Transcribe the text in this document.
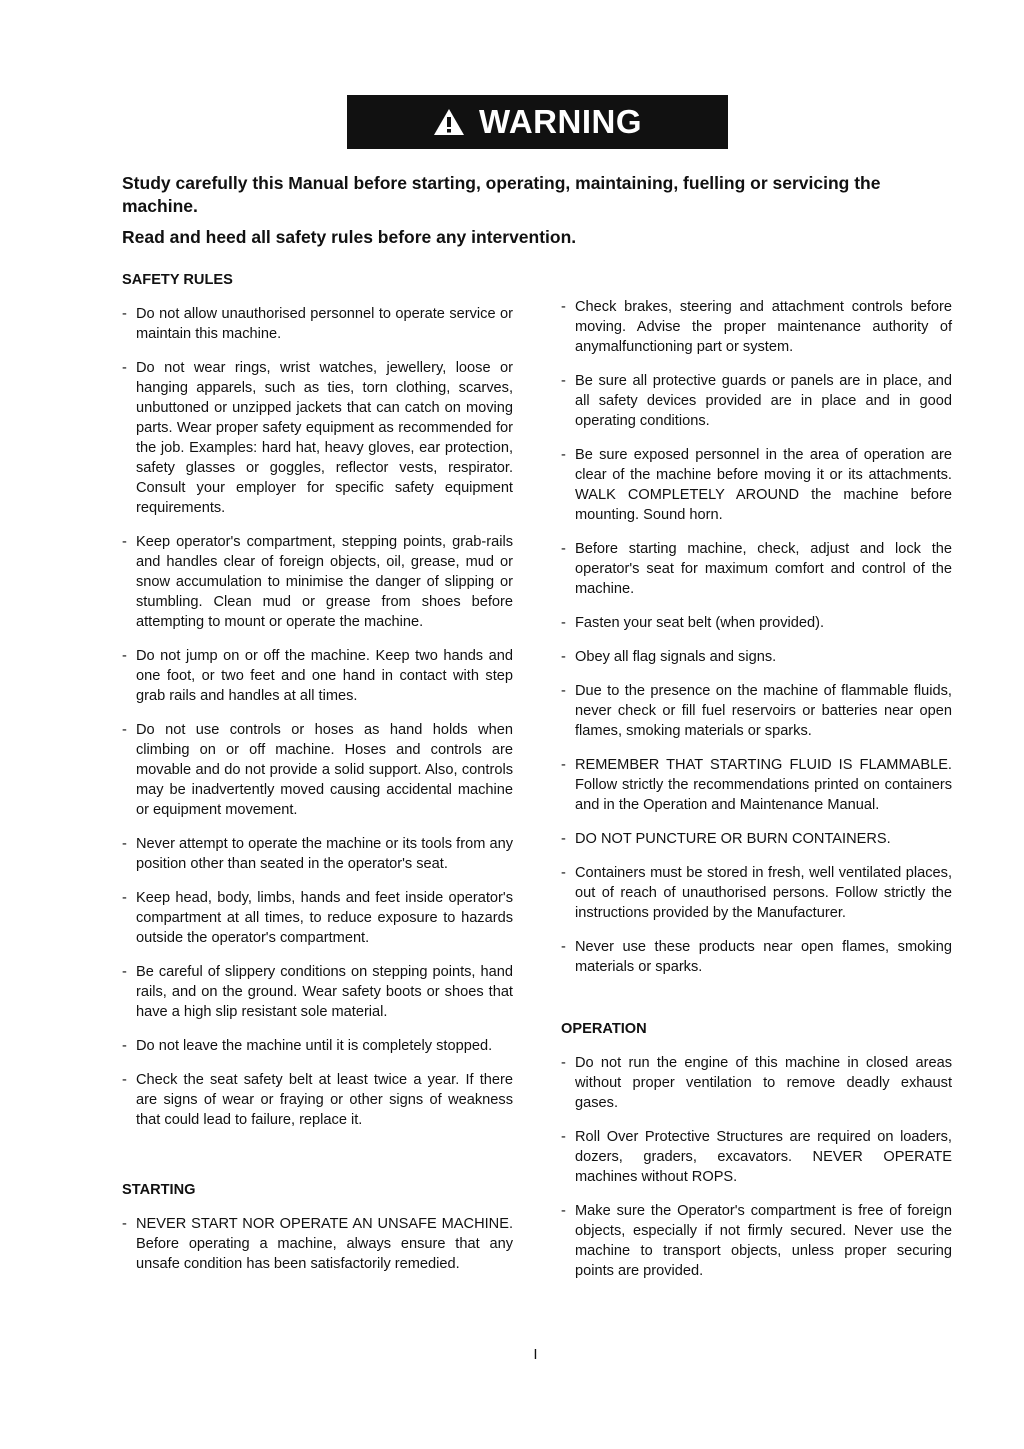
WARNING

Study carefully this Manual before starting, operating, maintaining, fuelling or servicing the machine.

Read and heed all safety rules before any intervention.

SAFETY RULES
- Do not allow unauthorised personnel to operate service or maintain this machine.
- Do not wear rings, wrist watches, jewellery, loose or hanging apparels, such as ties, torn clothing, scarves, unbuttoned or unzipped jackets that can catch on moving parts. Wear proper safety equipment as recommended for the job. Examples: hard hat, heavy gloves, ear protection, safety glasses or goggles, reflector vests, respirator. Consult your employer for specific safety equipment requirements.
- Keep operator's compartment, stepping points, grab-rails and handles clear of foreign objects, oil, grease, mud or snow accumulation to minimise the danger of slipping or stumbling. Clean mud or grease from shoes before attempting to mount or operate the machine.
- Do not jump on or off the machine. Keep two hands and one foot, or two feet and one hand in contact with step grab rails and handles at all times.
- Do not use controls or hoses as hand holds when climbing on or off machine. Hoses and controls are movable and do not provide a solid support. Also, controls may be inadvertently moved causing accidental machine or equipment movement.
- Never attempt to operate the machine or its tools from any position other than seated in the operator's seat.
- Keep head, body, limbs, hands and feet inside operator's compartment at all times, to reduce exposure to hazards outside the operator's compartment.
- Be careful of slippery conditions on stepping points, hand rails, and on the ground. Wear safety boots or shoes that have a high slip resistant sole material.
- Do not leave the machine until it is completely stopped.
- Check the seat safety belt at least twice a year. If there are signs of wear or fraying or other signs of weakness that could lead to failure, replace it.
STARTING
- NEVER START NOR OPERATE AN UNSAFE MACHINE. Before operating a machine, always ensure that any unsafe condition has been satisfactorily remedied.
- Check brakes, steering and attachment controls before moving. Advise the proper maintenance authority of anymalfunctioning part or system.
- Be sure all protective guards or panels are in place, and all safety devices provided are in place and in good operating conditions.
- Be sure exposed personnel in the area of operation are clear of the machine before moving it or its attachments. WALK COMPLETELY AROUND the machine before mounting. Sound horn.
- Before starting machine, check, adjust and lock the operator's seat for maximum comfort and control of the machine.
- Fasten your seat belt (when provided).
- Obey all flag signals and signs.
- Due to the presence on the machine of flammable fluids, never check or fill fuel reservoirs or batteries near open flames, smoking materials or sparks.
- REMEMBER THAT STARTING FLUID IS FLAMMABLE. Follow strictly the recommendations printed on containers and in the Operation and Maintenance Manual.
- DO NOT PUNCTURE OR BURN CONTAINERS.
- Containers must be stored in fresh, well ventilated places, out of reach of unauthorised persons. Follow strictly the instructions provided by the Manufacturer.
- Never use these products near open flames, smoking materials or sparks.
OPERATION
- Do not run the engine of this machine in closed areas without proper ventilation to remove deadly exhaust gases.
- Roll Over Protective Structures are required on loaders, dozers, graders, excavators. NEVER OPERATE machines without ROPS.
- Make sure the Operator's compartment is free of foreign objects, especially if not firmly secured. Never use the machine to transport objects, unless proper securing points are provided.
I
